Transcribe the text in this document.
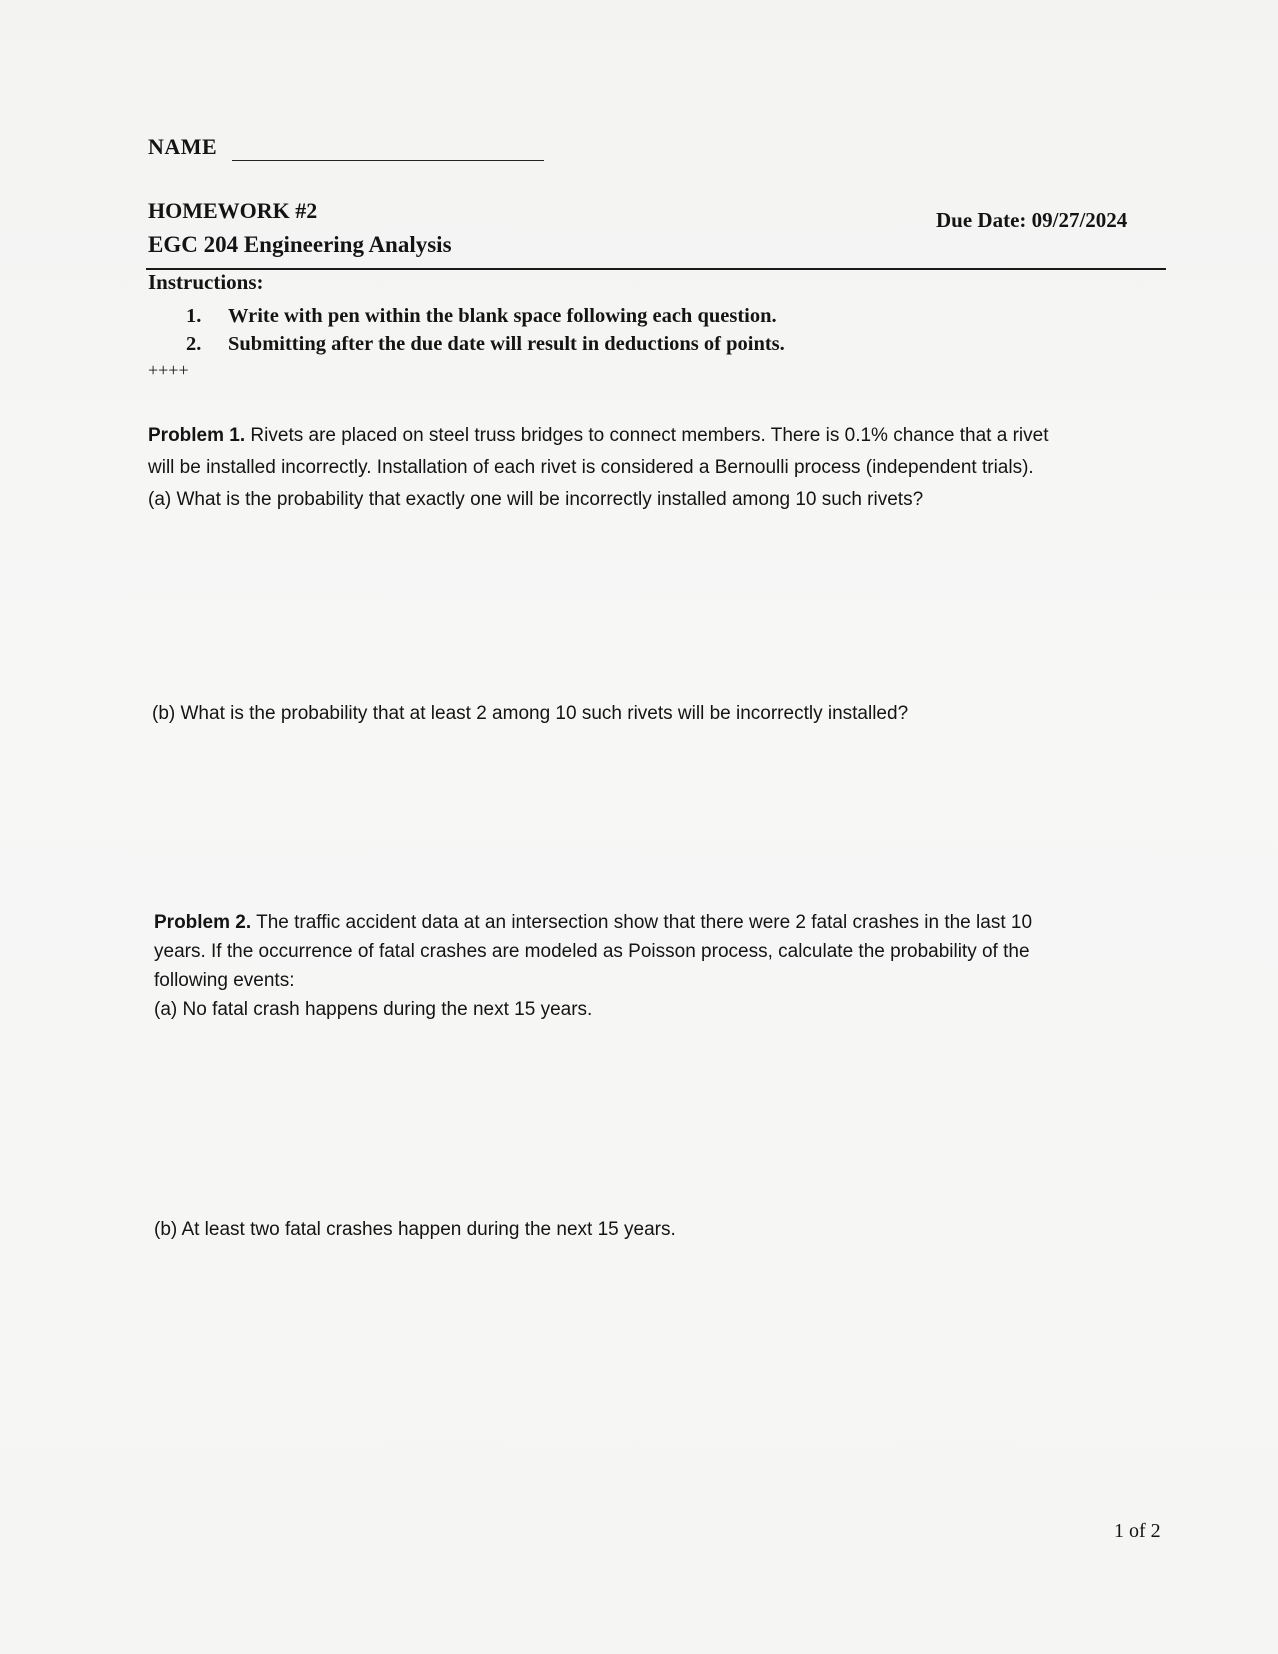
NAME
HOMEWORK #2
EGC 204 Engineering Analysis
Due Date: 09/27/2024
Instructions:
1. Write with pen within the blank space following each question.
2. Submitting after the due date will result in deductions of points.
++++
Problem 1. Rivets are placed on steel truss bridges to connect members. There is 0.1% chance that a rivet
will be installed incorrectly. Installation of each rivet is considered a Bernoulli process (independent trials).
(a) What is the probability that exactly one will be incorrectly installed among 10 such rivets?
(b) What is the probability that at least 2 among 10 such rivets will be incorrectly installed?
Problem 2. The traffic accident data at an intersection show that there were 2 fatal crashes in the last 10
years. If the occurrence of fatal crashes are modeled as Poisson process, calculate the probability of the
following events:
(a) No fatal crash happens during the next 15 years.
(b) At least two fatal crashes happen during the next 15 years.
1 of 2
